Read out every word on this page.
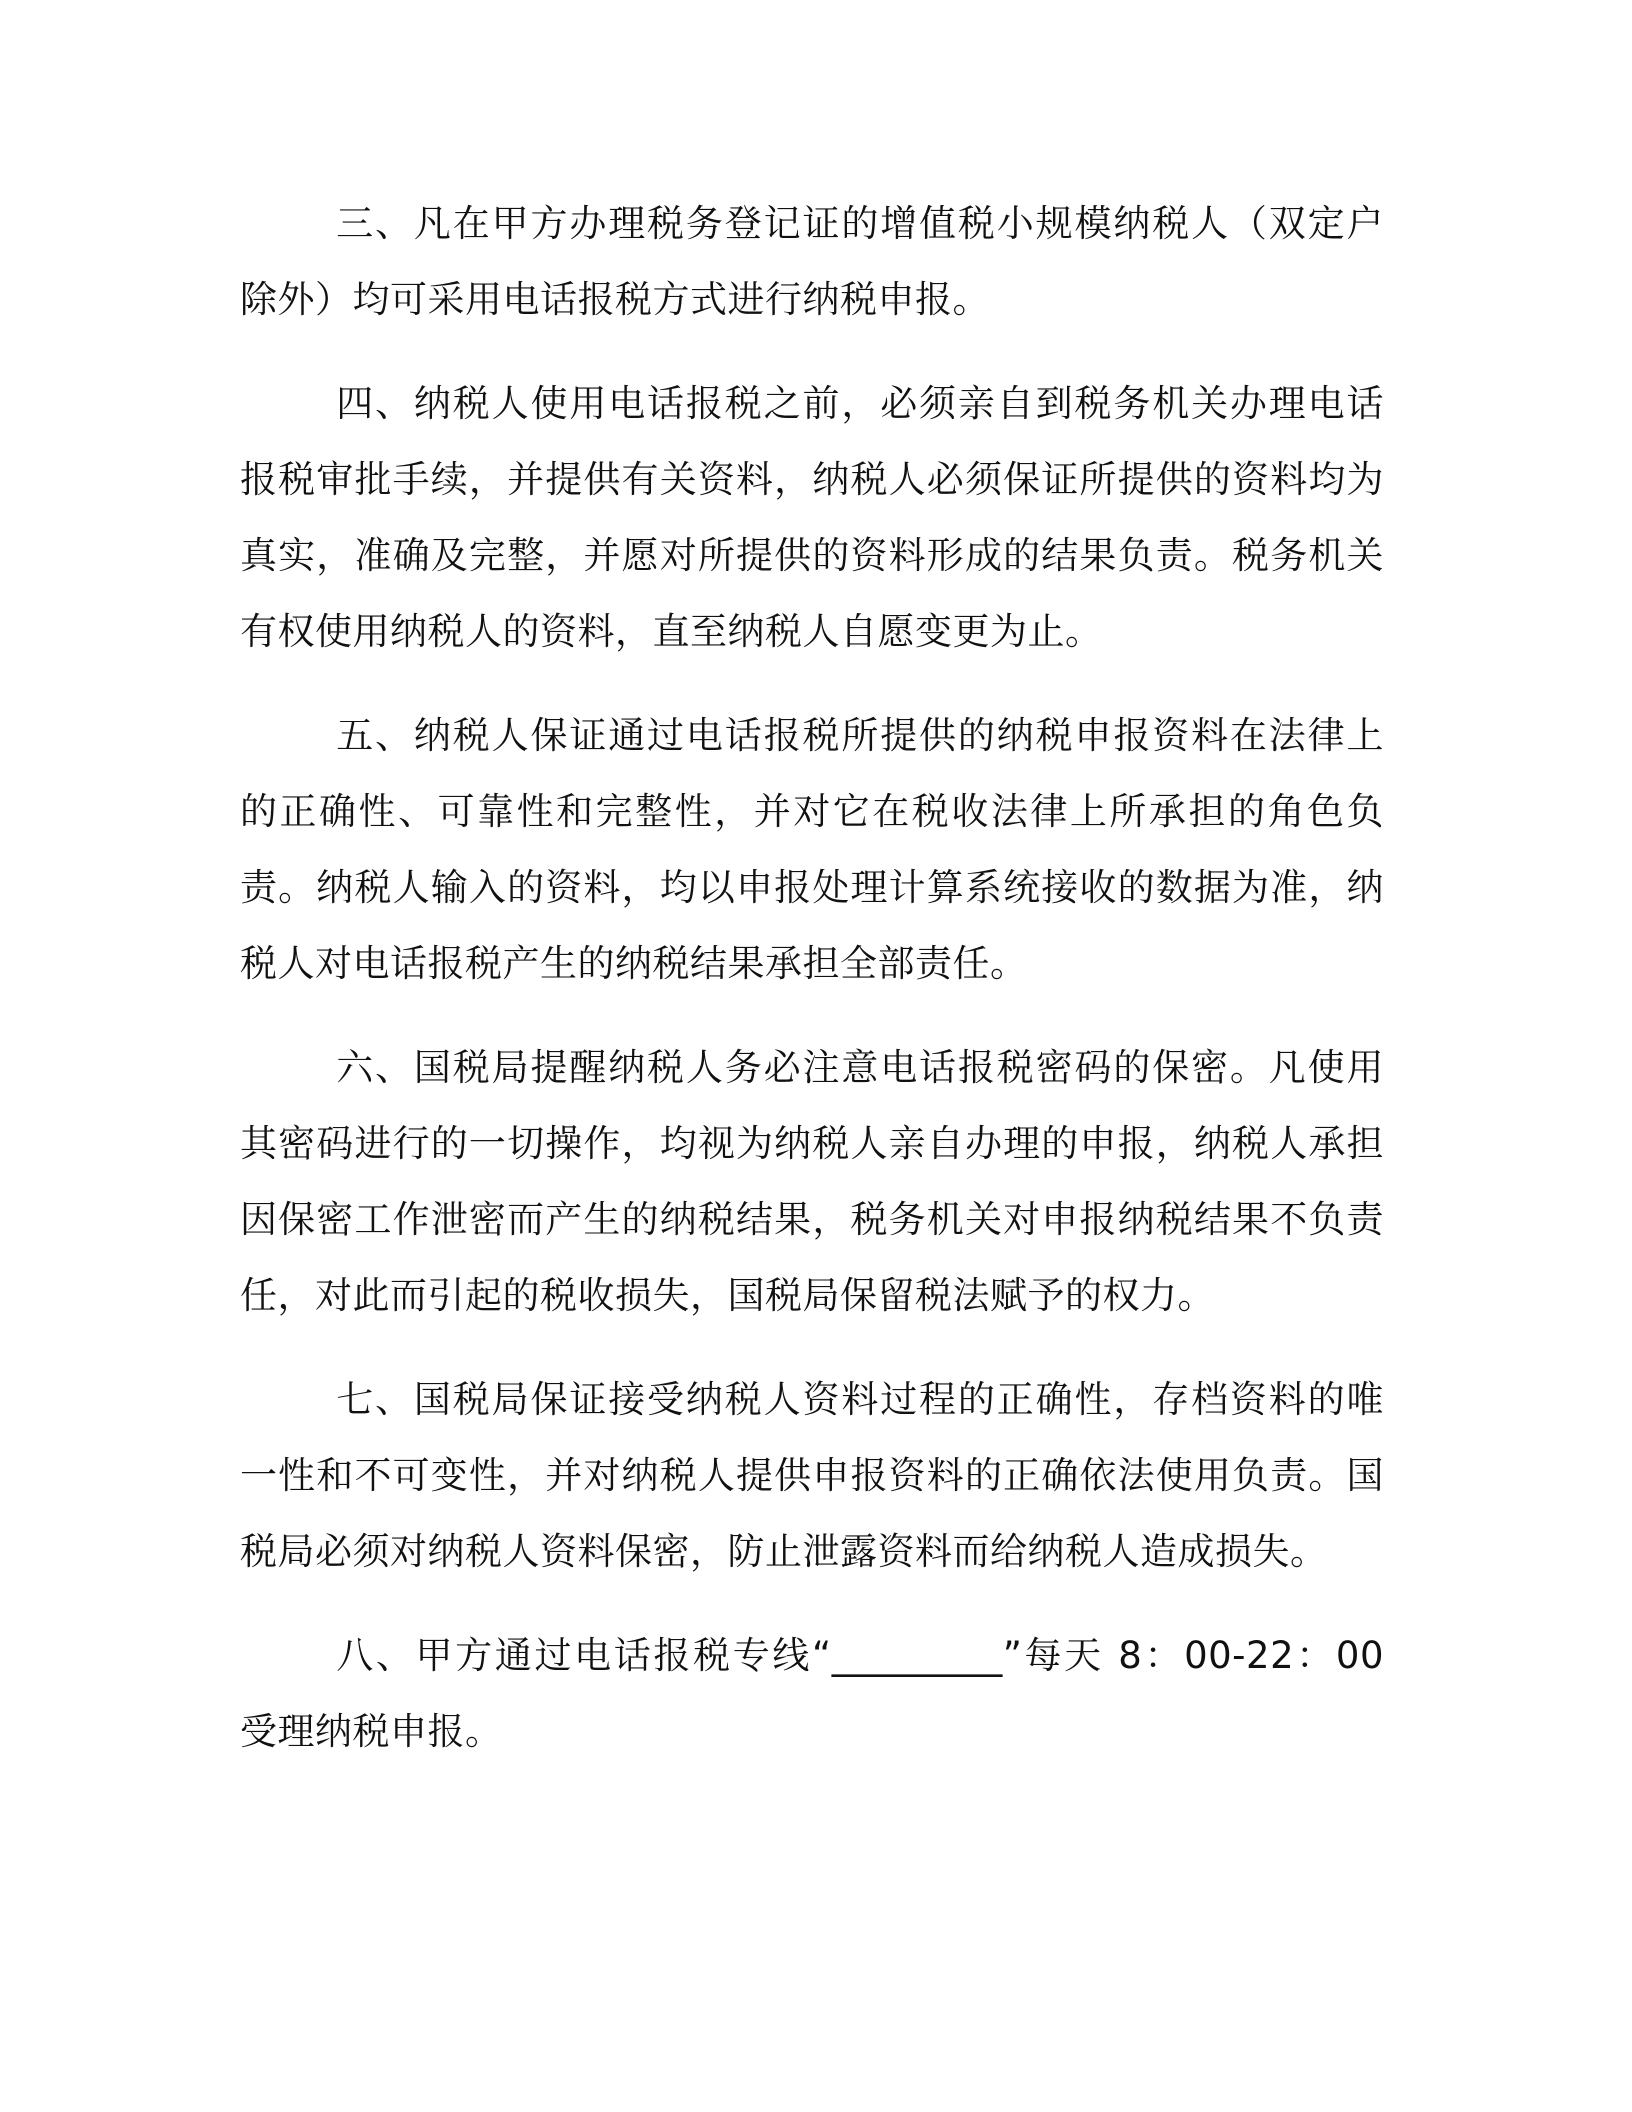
三、凡在甲方办理税务登记证的增值税小规模纳税人（双定户除外）均可采用电话报税方式进行纳税申报。

四、纳税人使用电话报税之前，必须亲自到税务机关办理电话报税审批手续，并提供有关资料，纳税人必须保证所提供的资料均为真实，准确及完整，并愿对所提供的资料形成的结果负责。税务机关有权使用纳税人的资料，直至纳税人自愿变更为止。

五、纳税人保证通过电话报税所提供的纳税申报资料在法律上的正确性、可靠性和完整性，并对它在税收法律上所承担的角色负责。纳税人输入的资料，均以申报处理计算系统接收的数据为准，纳税人对电话报税产生的纳税结果承担全部责任。

六、国税局提醒纳税人务必注意电话报税密码的保密。凡使用其密码进行的一切操作，均视为纳税人亲自办理的申报，纳税人承担因保密工作泄密而产生的纳税结果，税务机关对申报纳税结果不负责任，对此而引起的税收损失，国税局保留税法赋予的权力。

七、国税局保证接受纳税人资料过程的正确性，存档资料的唯一性和不可变性，并对纳税人提供申报资料的正确依法使用负责。国税局必须对纳税人资料保密，防止泄露资料而给纳税人造成损失。

八、甲方通过电话报税专线“_________”每天 8：00-22：00 受理纳税申报。
